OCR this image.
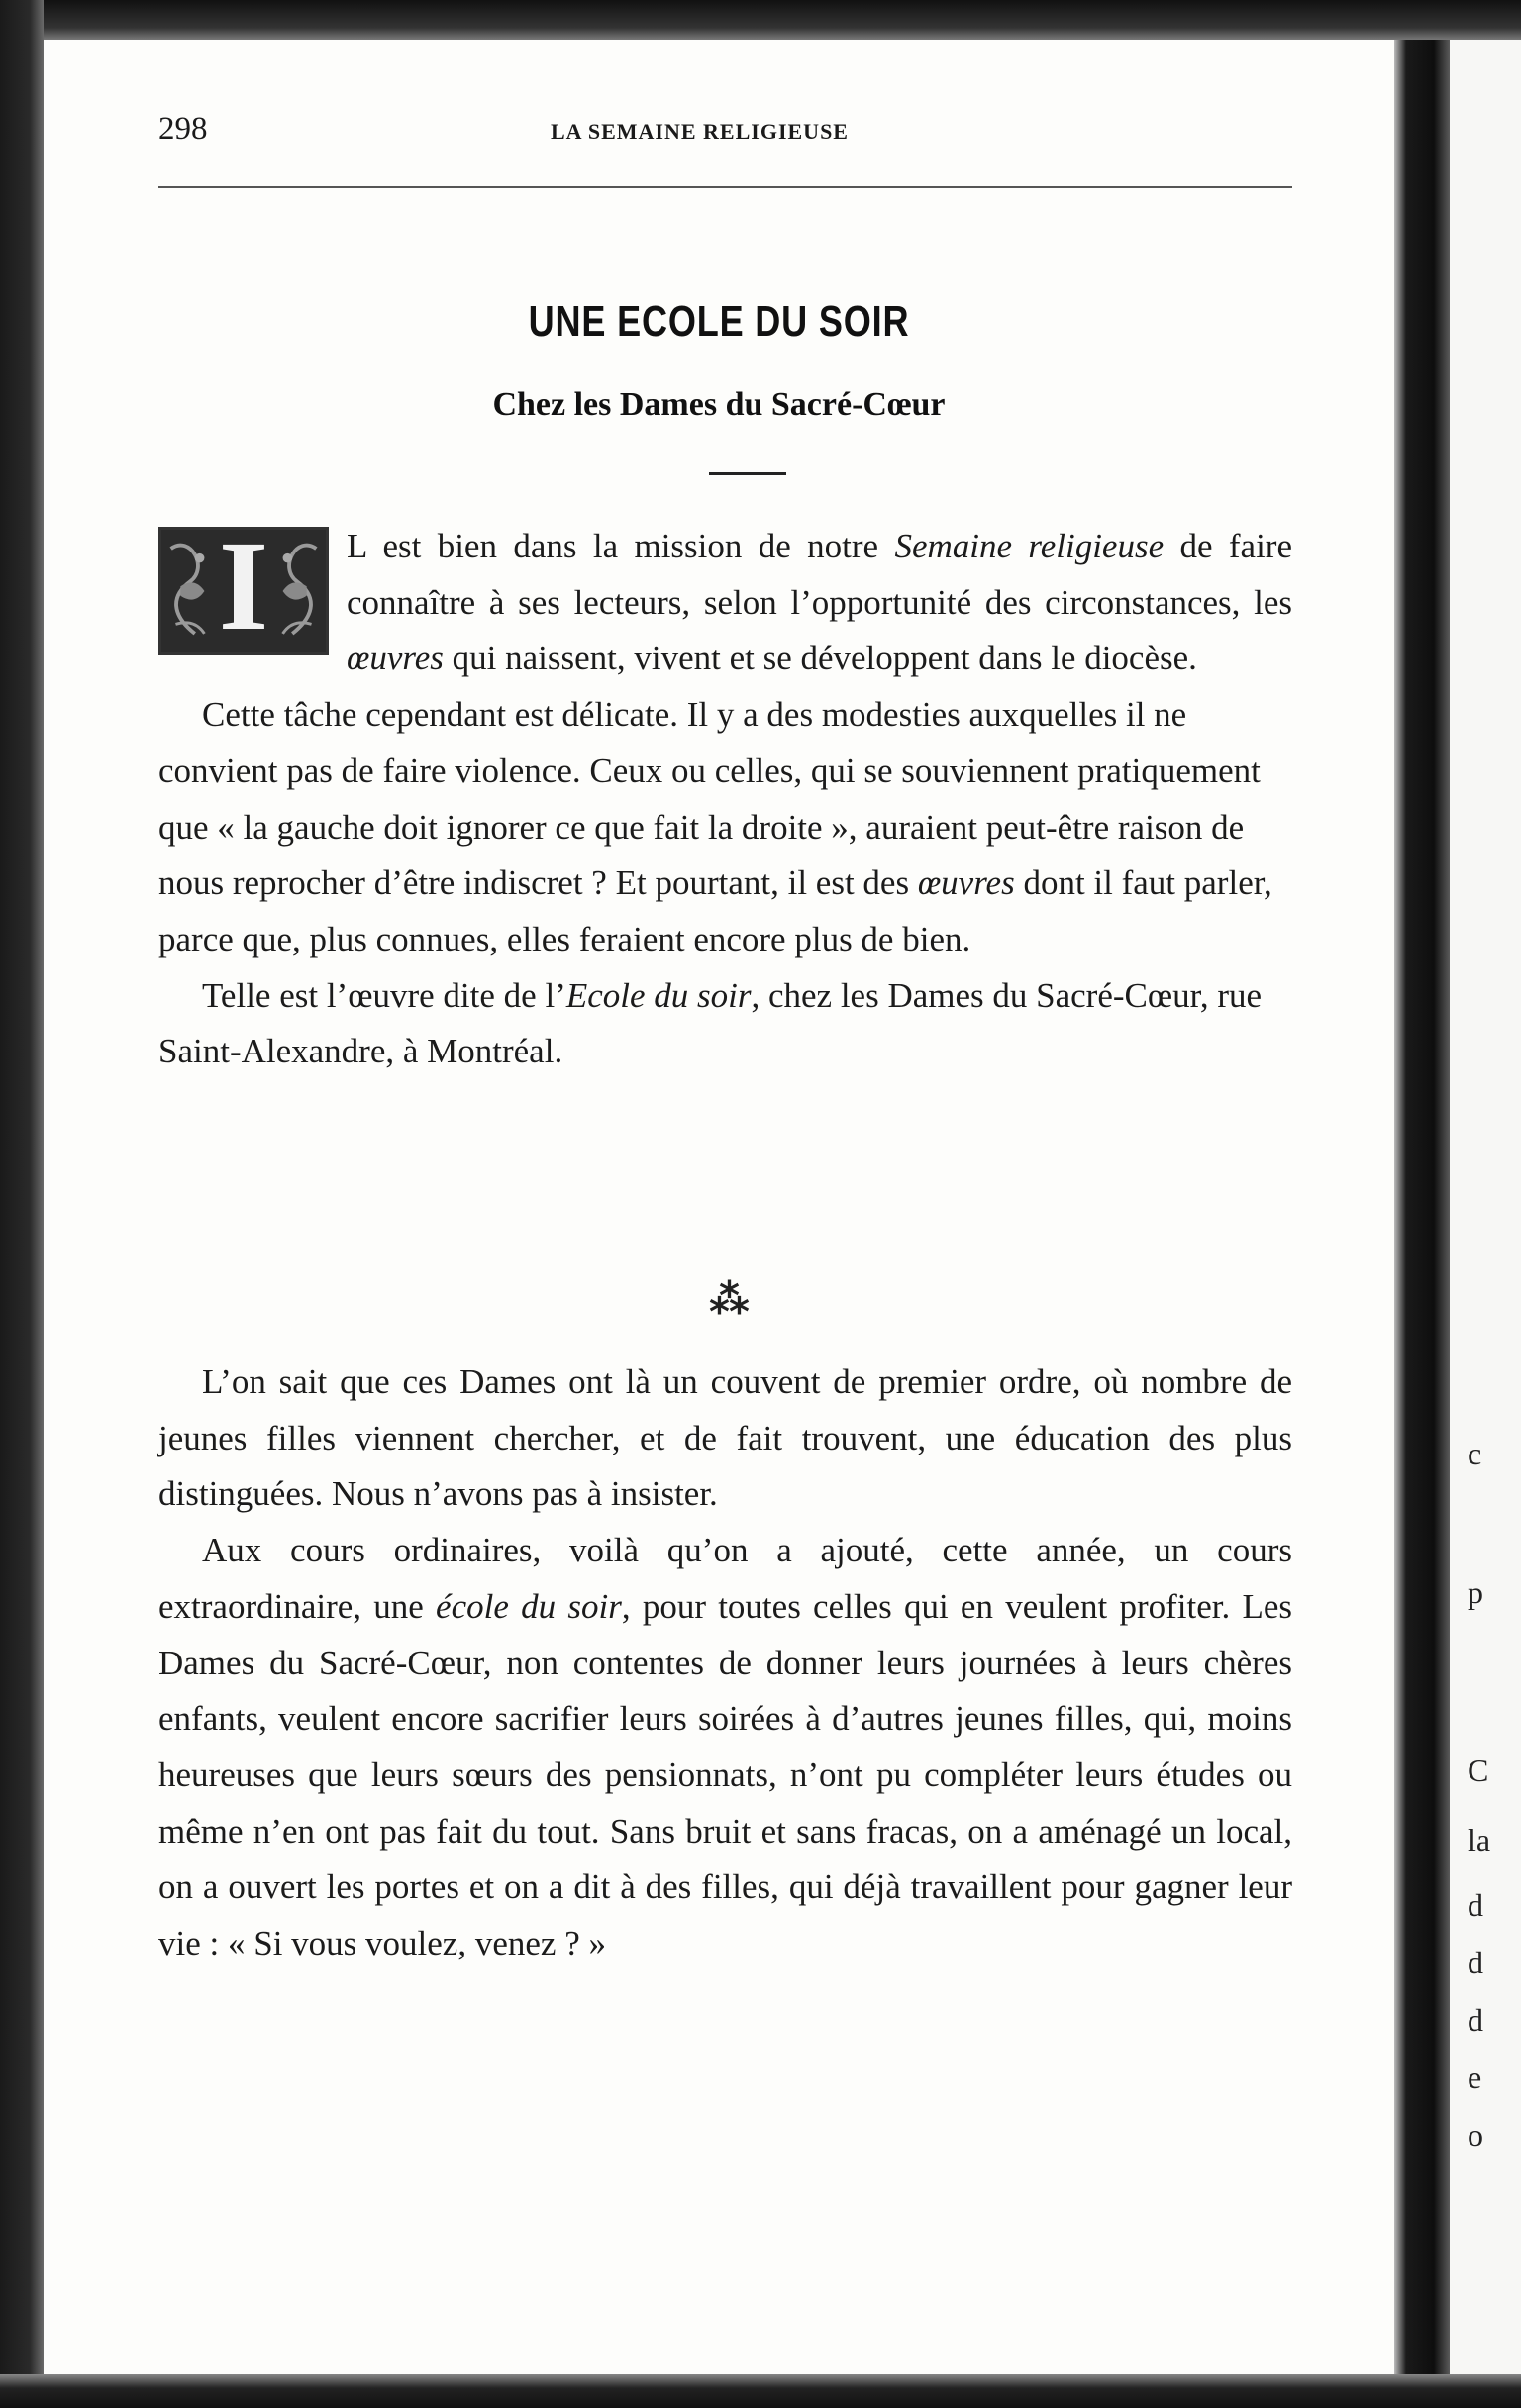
c
p
C
la
d
d
d
e
o
298	LA SEMAINE RELIGIEUSE
UNE ECOLE DU SOIR
Chez les Dames du Sacré-Cœur
I	L est bien dans la mission de notre Semaine religieuse de faire connaître à ses lecteurs, selon l’opportunité des circonstances, les œuvres qui naissent, vivent et se développent dans le diocèse.

Cette tâche cependant est délicate. Il y a des modesties auxquelles il ne convient pas de faire violence. Ceux ou celles, qui se souviennent pratiquement que « la gauche doit ignorer ce que fait la droite », auraient peut-être raison de nous reprocher d’être indiscret ? Et pourtant, il est des œuvres dont il faut parler, parce que, plus connues, elles feraient encore plus de bien.

Telle est l’œuvre dite de l’Ecole du soir, chez les Dames du Sacré-Cœur, rue Saint-Alexandre, à Montréal.

⁂

L’on sait que ces Dames ont là un couvent de premier ordre, où nombre de jeunes filles viennent chercher, et de fait trouvent, une éducation des plus distinguées. Nous n’avons pas à insister.

Aux cours ordinaires, voilà qu’on a ajouté, cette année, un cours extraordinaire, une école du soir, pour toutes celles qui en veulent profiter. Les Dames du Sacré-Cœur, non contentes de donner leurs journées à leurs chères enfants, veulent encore sacrifier leurs soirées à d’autres jeunes filles, qui, moins heureuses que leurs sœurs des pensionnats, n’ont pu compléter leurs études ou même n’en ont pas fait du tout. Sans bruit et sans fracas, on a aménagé un local, on a ouvert les portes et on a dit à des filles, qui déjà travaillent pour gagner leur vie : « Si vous voulez, venez ? »
